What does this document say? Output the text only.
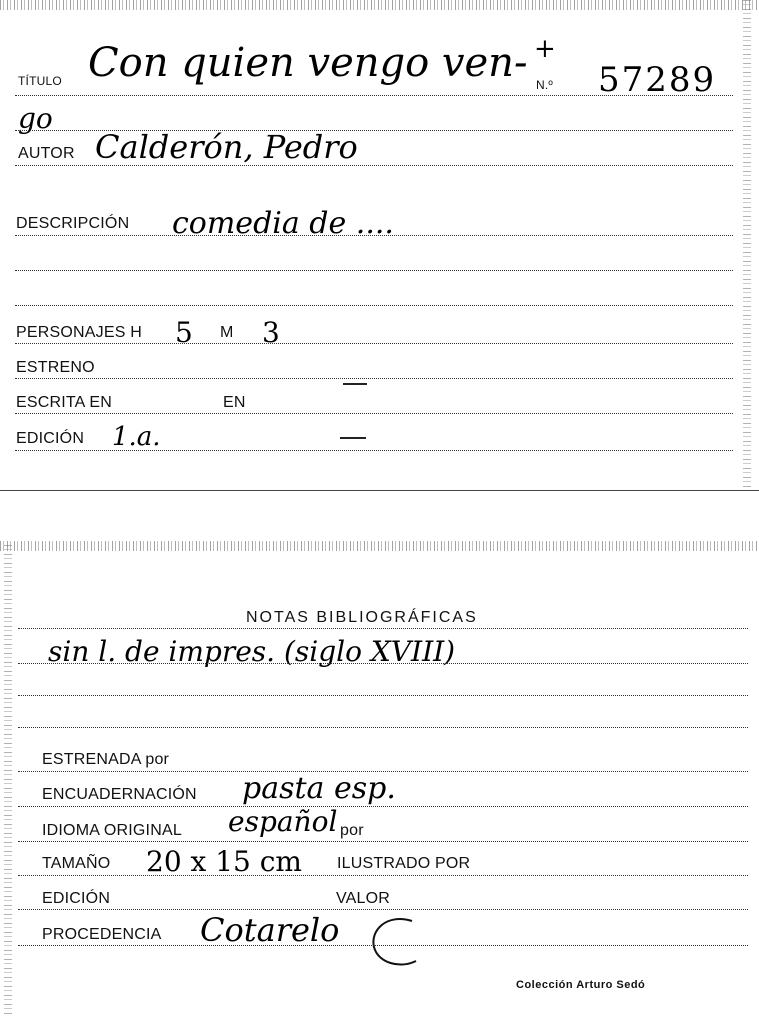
TÍTULO Con quien vengo ven- +
N.º 57289
go
AUTOR Calderón, Pedro
DESCRIPCIÓN comedia de ....
PERSONAJES H 5 M 3
ESTRENO
ESCRITA EN	EN
EDICIÓN 1.a.
NOTAS BIBLIOGRÁFICAS
sin l. de impres. (siglo XVIII)
ESTRENADA por
ENCUADERNACIÓN pasta esp.
IDIOMA ORIGINAL español por
TAMAÑO 20 x 15 cm ILUSTRADO POR
EDICIÓN	VALOR
PROCEDENCIA Cotarelo
Colección Arturo Sedó
